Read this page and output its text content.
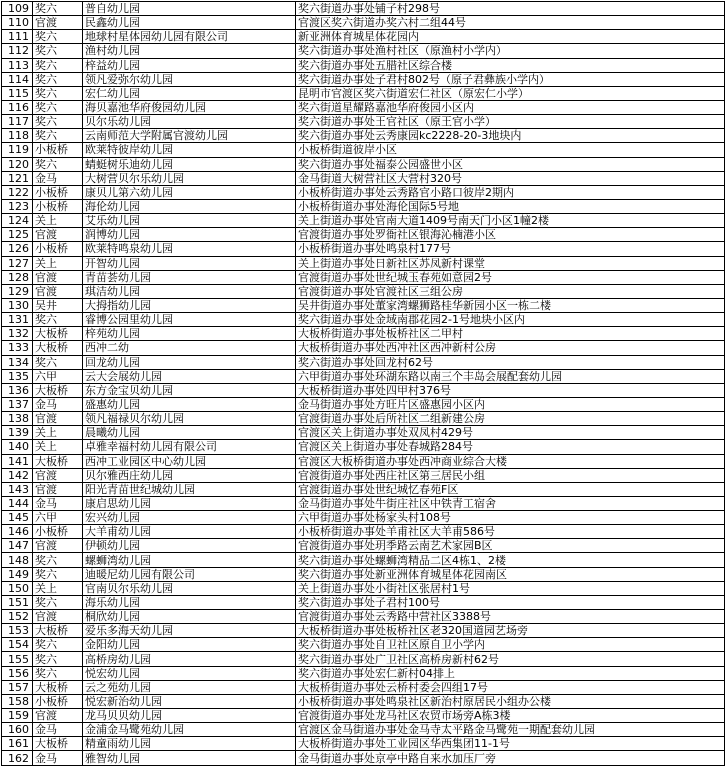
109	奖六	普自幼儿园	奖六街道办事处铺子村298号
110	官渡	民鑫幼儿园	官渡区奖六街道办奖六村二组44号
111	奖六	地球村星体园幼儿园有限公司	新亚洲体育城星体花园内
112	奖六	渔村幼儿园	奖六街道办事处渔村社区（原渔村小学内）
113	奖六	梓益幼儿园	奖六街道办事处五腊社区综合楼
114	奖六	领凡爱弥尔幼儿园	奖六街道办事处子君村802号（原子君彝族小学内）
115	奖六	宏仁幼儿园	昆明市官渡区奖六街道宏仁社区（原宏仁小学）
116	奖六	海贝嘉池华府俊园幼儿园	奖六街道星耀路嘉池华府俊园小区内
117	奖六	贝尔乐幼儿园	奖六街道办事处王官社区（原王官小学）
118	奖六	云南师范大学附属官渡幼儿园	奖六街道办事处云秀康园kc2228-20-3地块内
119	小板桥	欧莱特彼岸幼儿园	小板桥街道彼岸小区
120	奖六	蜻蜓树乐迪幼儿园	奖六街道办事处福泰公园盛世小区
121	金马	大树营贝尔乐幼儿园	金马街道大树营社区大营村320号
122	小板桥	康贝儿第六幼儿园	小板桥街道办事处云秀路官小路口彼岸2期内
123	小板桥	海伦幼儿园	小板桥街道办事处海伦国际5号地
124	关上	艾乐幼儿园	关上街道办事处官南大道1409号南天门小区1幢2楼
125	官渡	润博幼儿园	官渡街道办事处罗衙社区银海沁楠港小区
126	小板桥	欧莱特鸣泉幼儿园	小板桥街道办事处鸣泉村177号
127	关上	开智幼儿园	关上街道办事处日新社区苏凤新村课堂
128	官渡	青苗荟幼儿园	官渡街道办事处世纪城玉春苑如意园2号
129	官渡	琪洁幼儿园	官渡街道办事处官渡社区三组公房
130	吴井	大拇指幼儿园	吴井街道办事处董家湾螺狮路桂华新园小区一栋二楼
131	奖六	睿博公园里幼儿园	奖六街道办事处金域南郡花园2-1号地块小区内
132	大板桥	梓苑幼儿园	大板桥街道办事处板桥社区二甲村
133	大板桥	西冲二幼	大板桥街道办事处西冲社区西冲新村公房
134	奖六	回龙幼儿园	奖六街道办事处回龙村62号
135	六甲	云大会展幼儿园	六甲街道办事处环湖东路以南三个丰岛会展配套幼儿园
136	大板桥	东方金宝贝幼儿园	大板桥街道办事处四甲村376号
137	金马	盛惠幼儿园	金马街道办事处方旺片区盛惠园小区内
138	官渡	领凡福禄贝尔幼儿园	官渡街道办事处后所社区二组新建公房
139	关上	晨曦幼儿园	官渡区关上街道办事处双凤村429号
140	关上	卓雅幸福村幼儿园有限公司	官渡区关上街道办事处春城路284号
141	大板桥	西冲工业园区中心幼儿园	官渡区大板桥街道办事处西冲商业综合大楼
142	官渡	贝尔雅西庄幼儿园	官渡街道办事处西庄社区第三居民小组
143	官渡	阳光青苗世纪城幼儿园	官渡街道办事处世纪城忆春苑F区
144	金马	康启思幼儿园	金马街道办事处牛街庄社区中铁青工宿舍
145	六甲	宏兴幼儿园	六甲街道办事处杨家头村108号
146	小板桥	大羊甫幼儿园	小板桥街道办事处羊甫社区大羊甫586号
147	官渡	伊顿幼儿园	官渡街道办事处玥季路云南艺术家园B区
148	奖六	螺蛳湾幼儿园	奖六街道办事处螺蛳湾精品二区4栋1、2楼
149	奖六	迪暖尼幼儿园有限公司	奖六街道办事处新亚洲体育城星体花园南区
150	关上	官南贝尔乐幼儿园	关上街道办事处小街社区张居村1号
151	奖六	海乐幼儿园	奖六街道办事处子君村100号
152	官渡	桐欣幼儿园	官渡街道办事处云秀路中营社区3388号
153	大板桥	爱乐多海天幼儿园	大板桥街道办事处板桥社区老320国道园艺场旁
154	奖六	金阳幼儿园	奖六街道办事处自卫社区原自卫小学内
155	奖六	高桥房幼儿园	奖六街道办事处广卫社区高桥房新村62号
156	奖六	悦宏幼儿园	奖六街道办事处宏仁新村04排上
157	大板桥	云之苑幼儿园	大板桥街道办事处云桥村委会四组17号
158	小板桥	悦宏新治幼儿园	小板桥街道办事处鸣泉社区新治村原居民小组办公楼
159	官渡	龙马贝贝幼儿园	官渡街道办事处龙马社区农贸市场旁A栋3楼
160	金马	金浦金马鹭苑幼儿园	官渡区金马街道办事处金马寺太平路金马鹭苑一期配套幼儿园
161	大板桥	精童雨幼儿园	大板桥街道办事处工业园区华西集团11-1号
162	金马	雅智幼儿园	金马街道办事处京亭中路自来水加压厂旁
